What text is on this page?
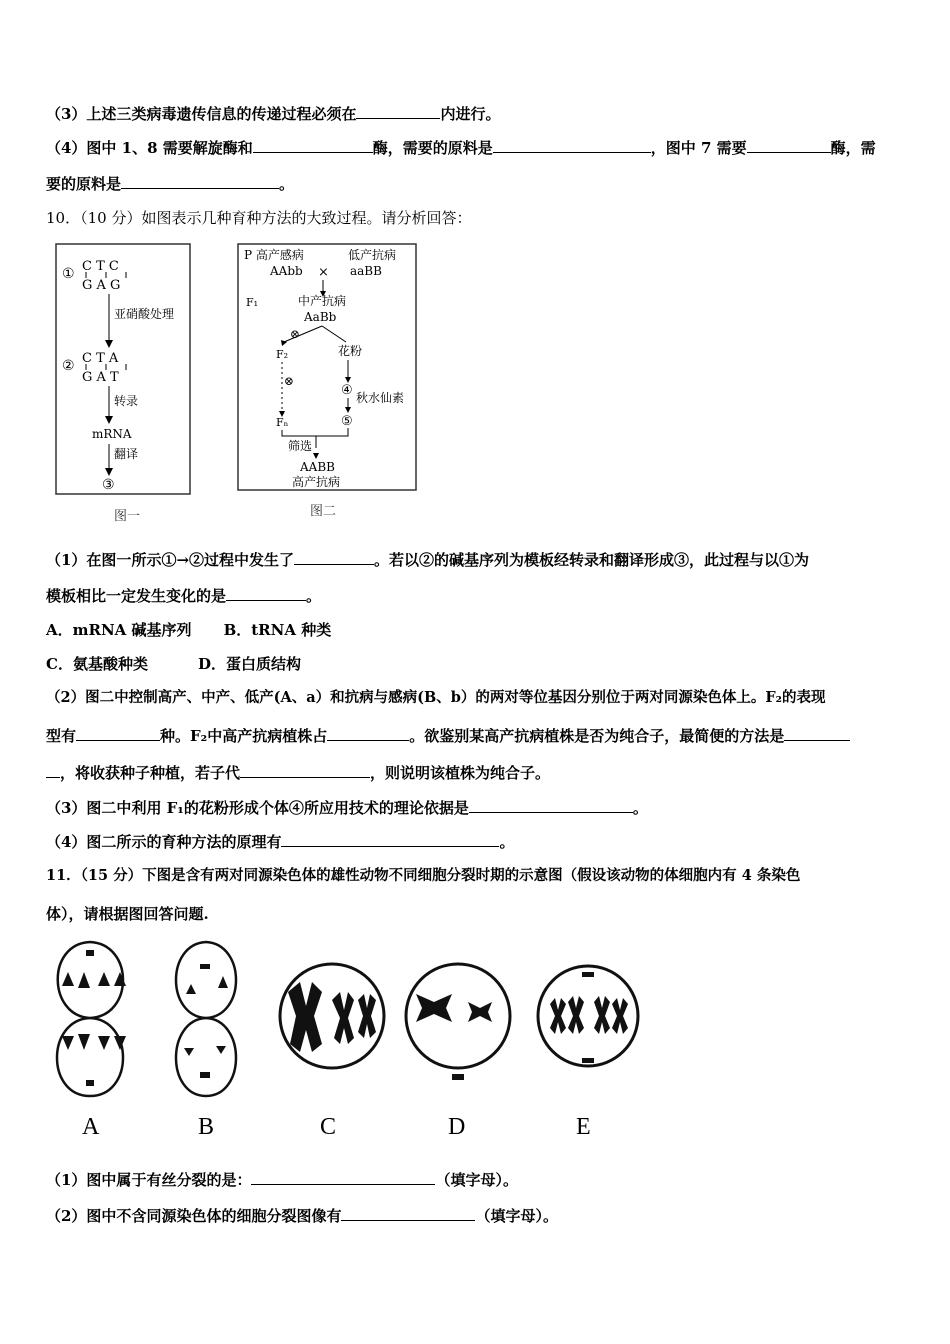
（3）上述三类病毒遗传信息的传递过程必须在	内进行。
（4）图中 1、8 需要解旋酶和	酶，需要的原料是	，图中 7 需要	酶，需
要的原料是	。
10．（10 分）如图表示几种育种方法的大致过程。请分析回答：
① C T C
G A G
亚硝酸处理
② C T A
G A T
转录
mRNA
翻译
③
图一
P 高产感病	低产抗病
AAbb × aaBB
F₁	中产抗病
AaBb
⊗
F₂	花粉
⊗
④ 秋水仙素
Fₙ	⑤
筛选
AABB
高产抗病
图二
（1）在图一所示①→②过程中发生了	。若以②的碱基序列为模板经转录和翻译形成③，此过程与以①为
模板相比一定发生变化的是	。
A．mRNA 碱基序列 B．tRNA 种类
C．氨基酸种类	D．蛋白质结构
（2）图二中控制高产、中产、低产(A、a）和抗病与感病(B、b）的两对等位基因分别位于两对同源染色体上。F₂的表现
型有	种。F₂中高产抗病植株占	。欲鉴别某高产抗病植株是否为纯合子，最简便的方法是
，将收获种子种植，若子代	，则说明该植株为纯合子。
（3）图二中利用 F₁的花粉形成个体④所应用技术的理论依据是	。
（4）图二所示的育种方法的原理有	。
11．（15 分）下图是含有两对同源染色体的雄性动物不同细胞分裂时期的示意图（假设该动物的体细胞内有 4 条染色
体），请根据图回答问题.
A	B	C	D	E
（1）图中属于有丝分裂的是：	（填字母）。
（2）图中不含同源染色体的细胞分裂图像有	（填字母）。
